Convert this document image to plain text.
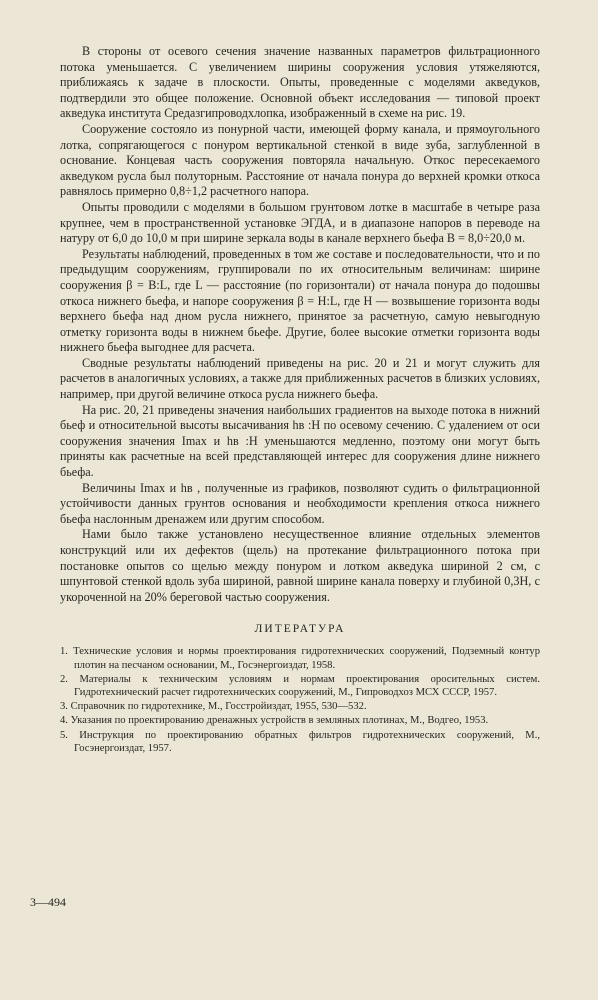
В стороны от осевого сечения значение названных параметров фильтрационного потока уменьшается. С увеличением ширины сооружения условия утяжеляются, приближаясь к задаче в плоскости. Опыты, проведенные с моделями акведуков, подтвердили это общее положение. Основной объект исследования — типовой проект акведука института Средазгипроводхлопка, изображенный в схеме на рис. 19.

Сооружение состояло из понурной части, имеющей форму канала, и прямоугольного лотка, сопрягающегося с понуром вертикальной стенкой в виде зуба, заглубленной в основание. Концевая часть сооружения повторяла начальную. Откос пересекаемого акведуком русла был полуторным. Расстояние от начала понура до верхней кромки откоса равнялось примерно 0,8÷1,2 расчетного напора.

Опыты проводили с моделями в большом грунтовом лотке в масштабе в четыре раза крупнее, чем в пространственной установке ЭГДА, и в диапазоне напоров в переводе на натуру от 6,0 до 10,0 м при ширине зеркала воды в канале верхнего бьефа B = 8,0÷20,0 м.

Результаты наблюдений, проведенных в том же составе и последовательности, что и по предыдущим сооружениям, группировали по их относительным величинам: ширине сооружения β = B:L, где L — расстояние (по горизонтали) от начала понура до подошвы откоса нижнего бьефа, и напоре сооружения β = H:L, где H — возвышение горизонта воды верхнего бьефа над дном русла нижнего, принятое за расчетную, самую невыгодную отметку горизонта воды в нижнем бьефе. Другие, более высокие отметки горизонта воды нижнего бьефа выгоднее для расчета.

Сводные результаты наблюдений приведены на рис. 20 и 21 и могут служить для расчетов в аналогичных условиях, а также для приближенных расчетов в близких условиях, например, при другой величине откоса русла нижнего бьефа.

На рис. 20, 21 приведены значения наибольших градиентов на выходе потока в нижний бьеф и относительной высоты высачивания hв :H по осевому сечению. С удалением от оси сооружения значения Imax и hв :H уменьшаются медленно, поэтому они могут быть приняты как расчетные на всей представляющей интерес для сооружения длине нижнего бьефа.

Величины Imax и hв , полученные из графиков, позволяют судить о фильтрационной устойчивости данных грунтов основания и необходимости крепления откоса нижнего бьефа наслонным дренажем или другим способом.

Нами было также установлено несущественное влияние отдельных элементов конструкций или их дефектов (щель) на протекание фильтрационного потока при постановке опытов со щелью между понуром и лотком акведука шириной 2 см, с шпунтовой стенкой вдоль зуба шириной, равной ширине канала поверху и глубиной 0,3H, с укороченной на 20% береговой частью сооружения.

ЛИТЕРАТУРА
1. Технические условия и нормы проектирования гидротехнических сооружений, Подземный контур плотин на песчаном основании, М., Госэнергоиздат, 1958.
2. Материалы к техническим условиям и нормам проектирования оросительных систем. Гидротехнический расчет гидротехнических сооружений, М., Гипроводхоз МСХ СССР, 1957.
3. Справочник по гидротехнике, М., Госстройиздат, 1955, 530—532.
4. Указания по проектированию дренажных устройств в земляных плотинах, М., Водгео, 1953.
5. Инструкция по проектированию обратных фильтров гидротехнических сооружений, М., Госэнергоиздат, 1957.
3—494
